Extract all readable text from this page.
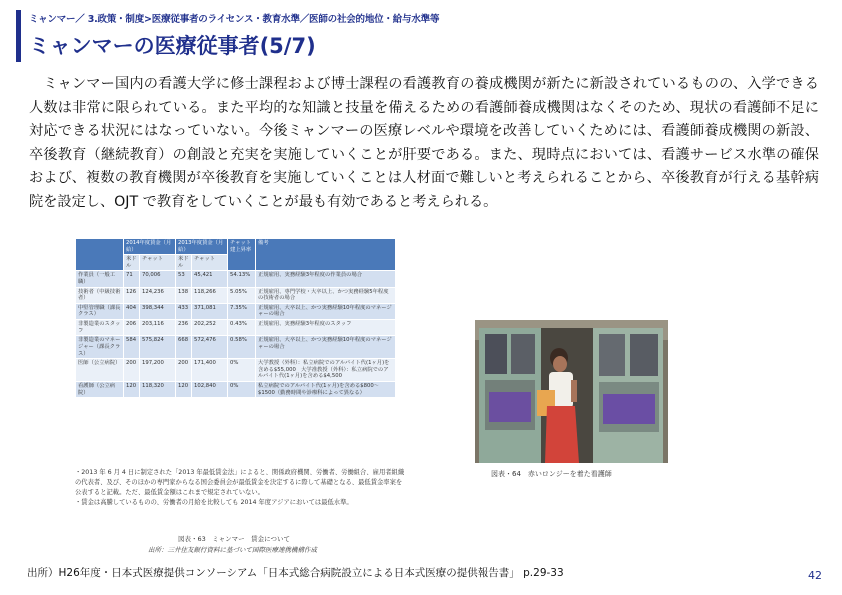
ミャンマー／ 3.政策・制度>医療従事者のライセンス・教育水準／医師の社会的地位・給与水準等
ミャンマーの医療従事者(5/7)

　ミャンマー国内の看護大学に修士課程および博士課程の看護教育の養成機関が新たに新設されているものの、入学できる人数は非常に限られている。また平均的な知識と技量を備えるための看護師養成機関はなくそのため、現状の看護師不足に対応できる状況にはなっていない。今後ミャンマーの医療レベルや環境を改善していくためには、看護師養成機関の新設、卒後教育（継続教育）の創設と充実を実施していくことが肝要である。また、現時点においては、看護サービス水準の確保および、複数の教育機関が卒後教育を実施していくことは人材面で難しいと考えられることから、卒後教育が行える基幹病院を設定し、OJT で教育をしていくことが最も有効であると考えられる。

	2014年度賃金（月給）		2013年度賃金（月給）		チャット建上昇率	備考
	米ドル	チャット	米ドル	チャット		
作業員（一般工職）	71	70,006	53	45,421	54.13%	正規雇用、実務経験3年程度の作業員の場合
技術者（中級技術者）	126	124,236	138	118,266	5.05%	正規雇用、専門学校・大卒以上、かつ実務経験5年程度の技術者の場合
中堅管理職（課長クラス）	404	398,344	433	371,081	7.35%	正規雇用、大卒以上、かつ実務経験10年程度のマネージャーの場合
非製造業のスタッフ	206	203,116	236	202,252	0.43%	正規雇用、実務経験3年程度のスタッフ
非製造業のマネージャー（課長クラス）	584	575,824	668	572,476	0.58%	正規雇用、大卒以上、かつ実務経験10年程度のマネージャーの場合
医師（公立病院）	200	197,200	200	171,400	0%	大学教授（外科）：私立病院でのアルバイト代(1ヶ月)を含める$55,000　大学准教授（外科）：私立病院でのアルバイト代(1ヶ月)を含める$4,500
看護師（公立病院）	120	118,320	120	102,840	0%	私立病院でのアルバイト代(1ヶ月)を含める$800〜$1500（勤務時間や診療科によって異なる）

・2013 年 6 月 4 日に制定された「2013 年最低賃金法」によると、関係政府機関、労働者、労働組合、雇用者組織の代表者、及び、そのほかの専門家からなる国会委員会が最低賃金を決定するに際して基礎となる、最低賃金率案を公表すると記載。ただ、最低賃金額はこれまで規定されていない。

・賃金は高騰しているものの、労働者の月給を比較しても 2014 年度アジアにおいては最低水準。

図表・63　ミャンマー　賃金について
出所：三井住友銀行資料に基づいて国際医療連携機構作成
図表・64　赤いロンジーを着た看護師
出所）H26年度・日本式医療提供コンソーシアム「日本式総合病院設立による日本式医療の提供報告書」 p.29-33	42
